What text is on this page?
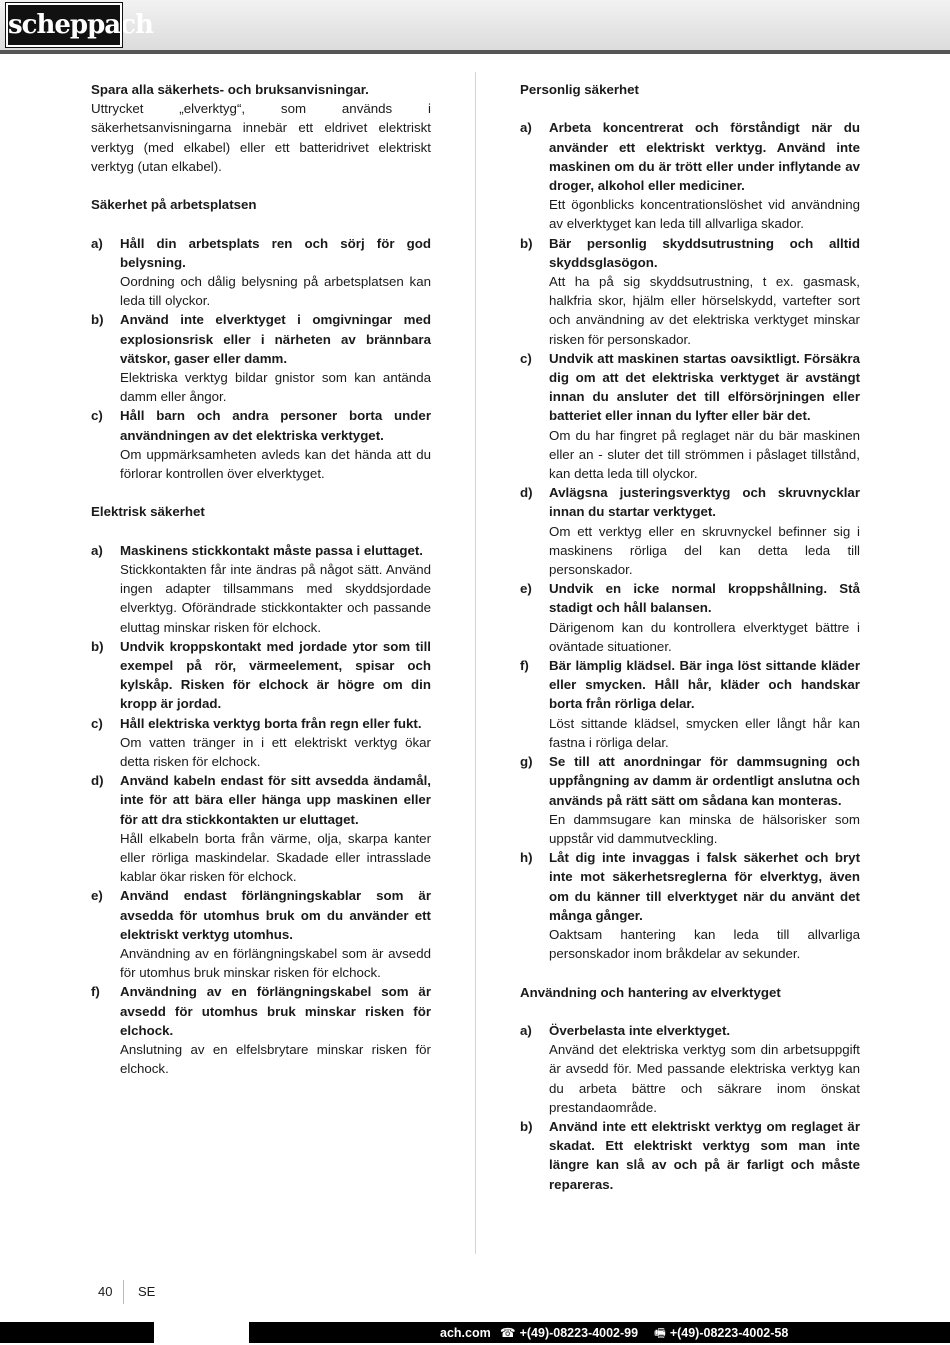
scheppach
Spara alla säkerhets- och bruksanvisningar.
Uttrycket „elverktyg“, som används i säkerhetsanvisningarna innebär ett eldrivet elektriskt verktyg (med elkabel) eller ett batteridrivet elektriskt verktyg (utan elkabel).
Säkerhet på arbetsplatsen
a) Håll din arbetsplats ren och sörj för god belysning.
Oordning och dålig belysning på arbetsplatsen kan leda till olyckor.
b) Använd inte elverktyget i omgivningar med explosionsrisk eller i närheten av brännbara vätskor, gaser eller damm.
Elektriska verktyg bildar gnistor som kan antända damm eller ångor.
c) Håll barn och andra personer borta under användningen av det elektriska verktyget.
Om uppmärksamheten avleds kan det hända att du förlorar kontrollen över elverktyget.
Elektrisk säkerhet
a) Maskinens stickkontakt måste passa i eluttaget.
Stickkontakten får inte ändras på något sätt. Använd ingen adapter tillsammans med skyddsjordade elverktyg. Oförändrade stickkontakter och passande eluttag minskar risken för elchock.
b) Undvik kroppskontakt med jordade ytor som till exempel på rör, värmeelement, spisar och kylskåp. Risken för elchock är högre om din kropp är jordad.
c) Håll elektriska verktyg borta från regn eller fukt.
Om vatten tränger in i ett elektriskt verktyg ökar detta risken för elchock.
d) Använd kabeln endast för sitt avsedda ändamål, inte för att bära eller hänga upp maskinen eller för att dra stickkontakten ur eluttaget.
Håll elkabeln borta från värme, olja, skarpa kanter eller rörliga maskindelar. Skadade eller intrasslade kablar ökar risken för elchock.
e) Använd endast förlängningskablar som är avsedda för utomhus bruk om du använder ett elektriskt verktyg utomhus.
Användning av en förlängningskabel som är avsedd för utomhus bruk minskar risken för elchock.
f) Användning av en förlängningskabel som är avsedd för utomhus bruk minskar risken för elchock.
Anslutning av en elfelsbrytare minskar risken för elchock.
Personlig säkerhet
a) Arbeta koncentrerat och förståndigt när du använder ett elektriskt verktyg. Använd inte maskinen om du är trött eller under inflytande av droger, alkohol eller mediciner.
Ett ögonblicks koncentrationslöshet vid användning av elverktyget kan leda till allvarliga skador.
b) Bär personlig skyddsutrustning och alltid skyddsglasögon.
Att ha på sig skyddsutrustning, t ex. gasmask, halkfria skor, hjälm eller hörselskydd, vartefter sort och användning av det elektriska verktyget minskar risken för personskador.
c) Undvik att maskinen startas oavsiktligt. Försäkra dig om att det elektriska verktyget är avstängt innan du ansluter det till elförsörjningen eller batteriet eller innan du lyfter eller bär det.
Om du har fingret på reglaget när du bär maskinen eller an - sluter det till strömmen i påslaget tillstånd, kan detta leda till olyckor.
d) Avlägsna justeringsverktyg och skruvnycklar innan du startar verktyget.
Om ett verktyg eller en skruvnyckel befinner sig i maskinens rörliga del kan detta leda till personskador.
e) Undvik en icke normal kroppshållning. Stå stadigt och håll balansen.
Därigenom kan du kontrollera elverktyget bättre i oväntade situationer.
f) Bär lämplig klädsel. Bär inga löst sittande kläder eller smycken. Håll hår, kläder och handskar borta från rörliga delar.
Löst sittande klädsel, smycken eller långt hår kan fastna i rörliga delar.
g) Se till att anordningar för dammsugning och uppfångning av damm är ordentligt anslutna och används på rätt sätt om sådana kan monteras.
En dammsugare kan minska de hälsorisker som uppstår vid dammutveckling.
h) Låt dig inte invaggas i falsk säkerhet och bryt inte mot säkerhetsreglerna för elverktyg, även om du känner till elverktyget när du använt det många gånger.
Oaktsam hantering kan leda till allvarliga personskador inom bråkdelar av sekunder.
Användning och hantering av elverktyget
a) Överbelasta inte elverktyget.
Använd det elektriska verktyg som din arbetsuppgift är avsedd för. Med passande elektriska verktyg kan du arbeta bättre och säkrare inom önskat prestandaområde.
b) Använd inte ett elektriskt verktyg om reglaget är skadat. Ett elektriskt verktyg som man inte längre kan slå av och på är farligt och måste repareras.
40 SE
ach.com ☎ +(49)-08223-4002-99 🖷 +(49)-08223-4002-58
